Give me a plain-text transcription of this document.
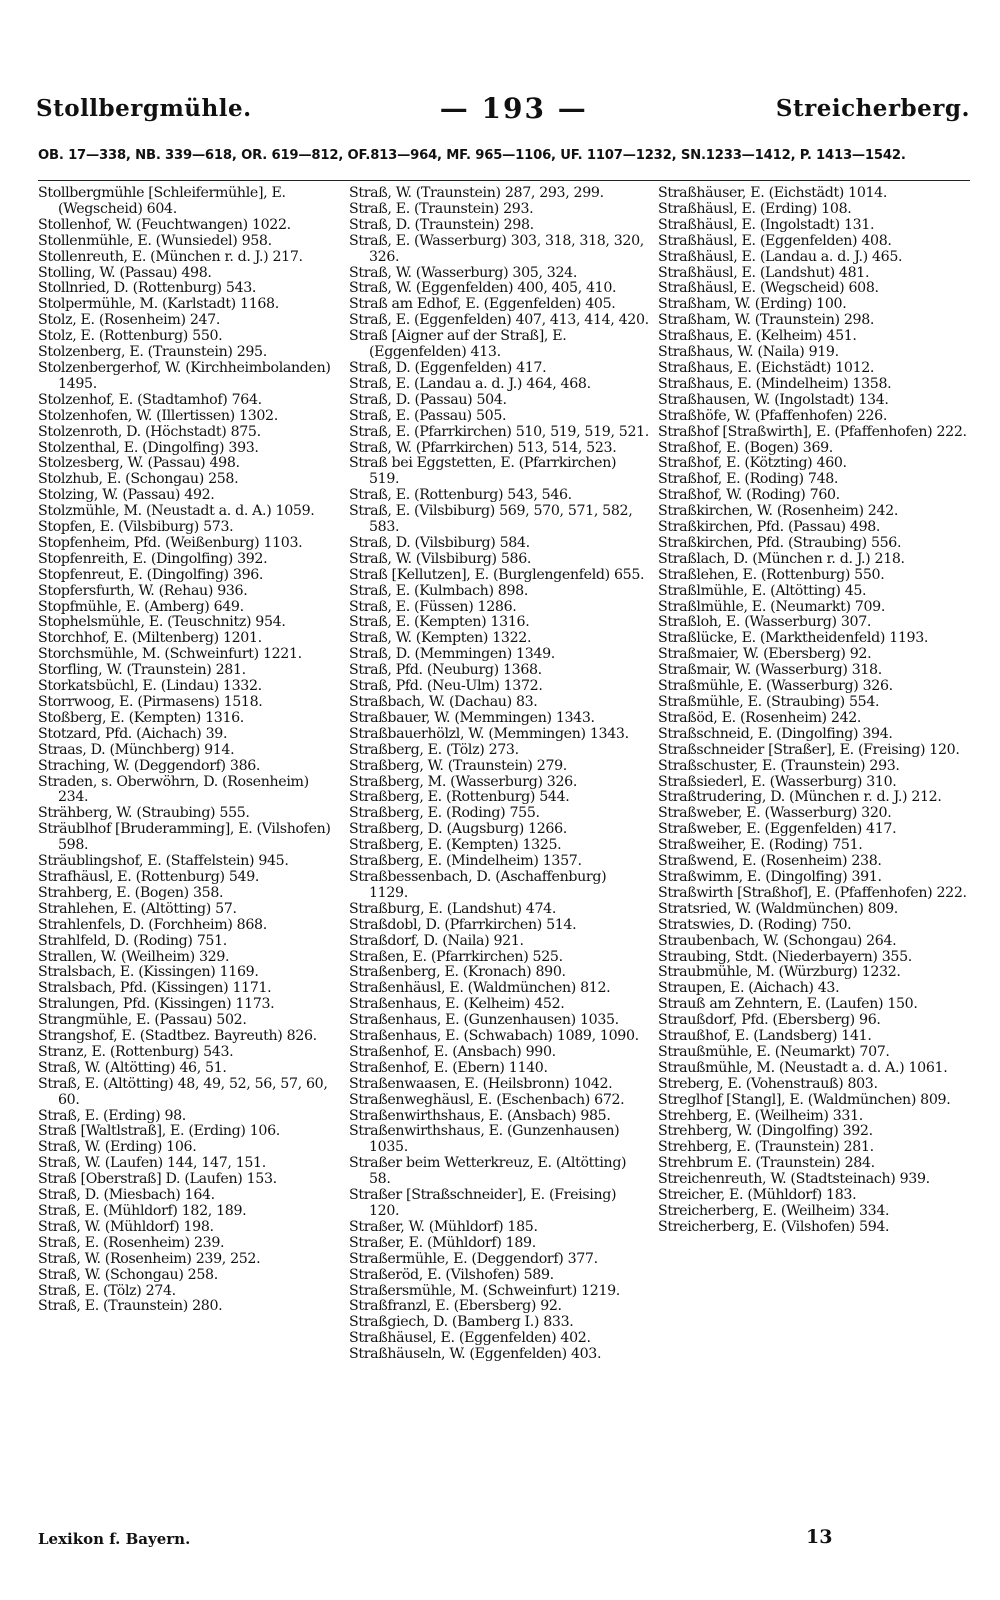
Stollbergmühle.	— 193 —	Streicherberg.
OB. 17—338, NB. 339—618, OR. 619—812, OF.813—964, MF. 965—1106, UF. 1107—1232, SN.1233—1412, P. 1413—1542.
Stollbergmühle [Schleifermühle], E. (Wegscheid) 604.
Stollenhof, W. (Feuchtwangen) 1022.
Stollenmühle, E. (Wunsiedel) 958.
Stollenreuth, E. (München r. d. J.) 217.
Stolling, W. (Passau) 498.
Stollnried, D. (Rottenburg) 543.
Stolpermühle, M. (Karlstadt) 1168.
Stolz, E. (Rosenheim) 247.
Stolz, E. (Rottenburg) 550.
Stolzenberg, E. (Traunstein) 295.
Stolzenbergerhof, W. (Kirchheimbolanden) 1495.
Stolzenhof, E. (Stadtamhof) 764.
Stolzenhofen, W. (Illertissen) 1302.
Stolzenroth, D. (Höchstadt) 875.
Stolzenthal, E. (Dingolfing) 393.
Stolzesberg, W. (Passau) 498.
Stolzhub, E. (Schongau) 258.
Stolzing, W. (Passau) 492.
Stolzmühle, M. (Neustadt a. d. A.) 1059.
Stopfen, E. (Vilsbiburg) 573.
Stopfenheim, Pfd. (Weißenburg) 1103.
Stopfenreith, E. (Dingolfing) 392.
Stopfenreut, E. (Dingolfing) 396.
Stopfersfurth, W. (Rehau) 936.
Stopfmühle, E. (Amberg) 649.
Stophelsmühle, E. (Teuschnitz) 954.
Storchhof, E. (Miltenberg) 1201.
Storchsmühle, M. (Schweinfurt) 1221.
Storfling, W. (Traunstein) 281.
Storkatsbüchl, E. (Lindau) 1332.
Storrwoog, E. (Pirmasens) 1518.
Stoßberg, E. (Kempten) 1316.
Stotzard, Pfd. (Aichach) 39.
Straas, D. (Münchberg) 914.
Straching, W. (Deggendorf) 386.
Straden, s. Oberwöhrn, D. (Rosenheim) 234.
Strähberg, W. (Straubing) 555.
Sträublhof [Bruderamming], E. (Vilshofen) 598.
Sträublingshof, E. (Staffelstein) 945.
Strafhäusl, E. (Rottenburg) 549.
Strahberg, E. (Bogen) 358.
Strahlehen, E. (Altötting) 57.
Strahlenfels, D. (Forchheim) 868.
Strahlfeld, D. (Roding) 751.
Strallen, W. (Weilheim) 329.
Stralsbach, E. (Kissingen) 1169.
Stralsbach, Pfd. (Kissingen) 1171.
Stralungen, Pfd. (Kissingen) 1173.
Strangmühle, E. (Passau) 502.
Strangshof, E. (Stadtbez. Bayreuth) 826.
Stranz, E. (Rottenburg) 543.
Straß, W. (Altötting) 46, 51.
Straß, E. (Altötting) 48, 49, 52, 56, 57, 60, 60.
Straß, E. (Erding) 98.
Straß [Waltlstraß], E. (Erding) 106.
Straß, W. (Erding) 106.
Straß, W. (Laufen) 144, 147, 151.
Straß [Oberstraß] D. (Laufen) 153.
Straß, D. (Miesbach) 164.
Straß, E. (Mühldorf) 182, 189.
Straß, W. (Mühldorf) 198.
Straß, E. (Rosenheim) 239.
Straß, W. (Rosenheim) 239, 252.
Straß, W. (Schongau) 258.
Straß, E. (Tölz) 274.
Straß, E. (Traunstein) 280.
Straß, W. (Traunstein) 287, 293, 299.
Straß, E. (Traunstein) 293.
Straß, D. (Traunstein) 298.
Straß, E. (Wasserburg) 303, 318, 318, 320, 326.
Straß, W. (Wasserburg) 305, 324.
Straß, W. (Eggenfelden) 400, 405, 410.
Straß am Edhof, E. (Eggenfelden) 405.
Straß, E. (Eggenfelden) 407, 413, 414, 420.
Straß [Aigner auf der Straß], E. (Eggenfelden) 413.
Straß, D. (Eggenfelden) 417.
Straß, E. (Landau a. d. J.) 464, 468.
Straß, D. (Passau) 504.
Straß, E. (Passau) 505.
Straß, E. (Pfarrkirchen) 510, 519, 519, 521.
Straß, W. (Pfarrkirchen) 513, 514, 523.
Straß bei Eggstetten, E. (Pfarrkirchen) 519.
Straß, E. (Rottenburg) 543, 546.
Straß, E. (Vilsbiburg) 569, 570, 571, 582, 583.
Straß, D. (Vilsbiburg) 584.
Straß, W. (Vilsbiburg) 586.
Straß [Kellutzen], E. (Burglengenfeld) 655.
Straß, E. (Kulmbach) 898.
Straß, E. (Füssen) 1286.
Straß, E. (Kempten) 1316.
Straß, W. (Kempten) 1322.
Straß, D. (Memmingen) 1349.
Straß, Pfd. (Neuburg) 1368.
Straß, Pfd. (Neu-Ulm) 1372.
Straßbach, W. (Dachau) 83.
Straßbauer, W. (Memmingen) 1343.
Straßbauerhölzl, W. (Memmingen) 1343.
Straßberg, E. (Tölz) 273.
Straßberg, W. (Traunstein) 279.
Straßberg, M. (Wasserburg) 326.
Straßberg, E. (Rottenburg) 544.
Straßberg, E. (Roding) 755.
Straßberg, D. (Augsburg) 1266.
Straßberg, E. (Kempten) 1325.
Straßberg, E. (Mindelheim) 1357.
Straßbessenbach, D. (Aschaffenburg) 1129.
Straßburg, E. (Landshut) 474.
Straßdobl, D. (Pfarrkirchen) 514.
Straßdorf, D. (Naila) 921.
Straßen, E. (Pfarrkirchen) 525.
Straßenberg, E. (Kronach) 890.
Straßenhäusl, E. (Waldmünchen) 812.
Straßenhaus, E. (Kelheim) 452.
Straßenhaus, E. (Gunzenhausen) 1035.
Straßenhaus, E. (Schwabach) 1089, 1090.
Straßenhof, E. (Ansbach) 990.
Straßenhof, E. (Ebern) 1140.
Straßenwaasen, E. (Heilsbronn) 1042.
Straßenweghäusl, E. (Eschenbach) 672.
Straßenwirthshaus, E. (Ansbach) 985.
Straßenwirthshaus, E. (Gunzenhausen) 1035.
Straßer beim Wetterkreuz, E. (Altötting) 58.
Straßer [Straßschneider], E. (Freising) 120.
Straßer, W. (Mühldorf) 185.
Straßer, E. (Mühldorf) 189.
Straßermühle, E. (Deggendorf) 377.
Straßeröd, E. (Vilshofen) 589.
Straßersmühle, M. (Schweinfurt) 1219.
Straßfranzl, E. (Ebersberg) 92.
Straßgiech, D. (Bamberg I.) 833.
Straßhäusel, E. (Eggenfelden) 402.
Straßhäuseln, W. (Eggenfelden) 403.
Straßhäuser, E. (Eichstädt) 1014.
Straßhäusl, E. (Erding) 108.
Straßhäusl, E. (Ingolstadt) 131.
Straßhäusl, E. (Eggenfelden) 408.
Straßhäusl, E. (Landau a. d. J.) 465.
Straßhäusl, E. (Landshut) 481.
Straßhäusl, E. (Wegscheid) 608.
Straßham, W. (Erding) 100.
Straßham, W. (Traunstein) 298.
Straßhaus, E. (Kelheim) 451.
Straßhaus, W. (Naila) 919.
Straßhaus, E. (Eichstädt) 1012.
Straßhaus, E. (Mindelheim) 1358.
Straßhausen, W. (Ingolstadt) 134.
Straßhöfe, W. (Pfaffenhofen) 226.
Straßhof [Straßwirth], E. (Pfaffenhofen) 222.
Straßhof, E. (Bogen) 369.
Straßhof, E. (Kötzting) 460.
Straßhof, E. (Roding) 748.
Straßhof, W. (Roding) 760.
Straßkirchen, W. (Rosenheim) 242.
Straßkirchen, Pfd. (Passau) 498.
Straßkirchen, Pfd. (Straubing) 556.
Straßlach, D. (München r. d. J.) 218.
Straßlehen, E. (Rottenburg) 550.
Straßlmühle, E. (Altötting) 45.
Straßlmühle, E. (Neumarkt) 709.
Straßloh, E. (Wasserburg) 307.
Straßlücke, E. (Marktheidenfeld) 1193.
Straßmaier, W. (Ebersberg) 92.
Straßmair, W. (Wasserburg) 318.
Straßmühle, E. (Wasserburg) 326.
Straßmühle, E. (Straubing) 554.
Straßöd, E. (Rosenheim) 242.
Straßschneid, E. (Dingolfing) 394.
Straßschneider [Straßer], E. (Freising) 120.
Straßschuster, E. (Traunstein) 293.
Straßsiederl, E. (Wasserburg) 310.
Straßtrudering, D. (München r. d. J.) 212.
Straßweber, E. (Wasserburg) 320.
Straßweber, E. (Eggenfelden) 417.
Straßweiher, E. (Roding) 751.
Straßwend, E. (Rosenheim) 238.
Straßwimm, E. (Dingolfing) 391.
Straßwirth [Straßhof], E. (Pfaffenhofen) 222.
Stratsried, W. (Waldmünchen) 809.
Stratswies, D. (Roding) 750.
Straubenbach, W. (Schongau) 264.
Straubing, Stdt. (Niederbayern) 355.
Straubmühle, M. (Würzburg) 1232.
Straupen, E. (Aichach) 43.
Strauß am Zehntern, E. (Laufen) 150.
Straußdorf, Pfd. (Ebersberg) 96.
Straußhof, E. (Landsberg) 141.
Straußmühle, E. (Neumarkt) 707.
Straußmühle, M. (Neustadt a. d. A.) 1061.
Streberg, E. (Vohenstrauß) 803.
Streglhof [Stangl], E. (Waldmünchen) 809.
Strehberg, E. (Weilheim) 331.
Strehberg, W. (Dingolfing) 392.
Strehberg, E. (Traunstein) 281.
Strehbrum E. (Traunstein) 284.
Streichenreuth, W. (Stadtsteinach) 939.
Streicher, E. (Mühldorf) 183.
Streicherberg, E. (Weilheim) 334.
Streicherberg, E. (Vilshofen) 594.
Lexikon f. Bayern.	13
